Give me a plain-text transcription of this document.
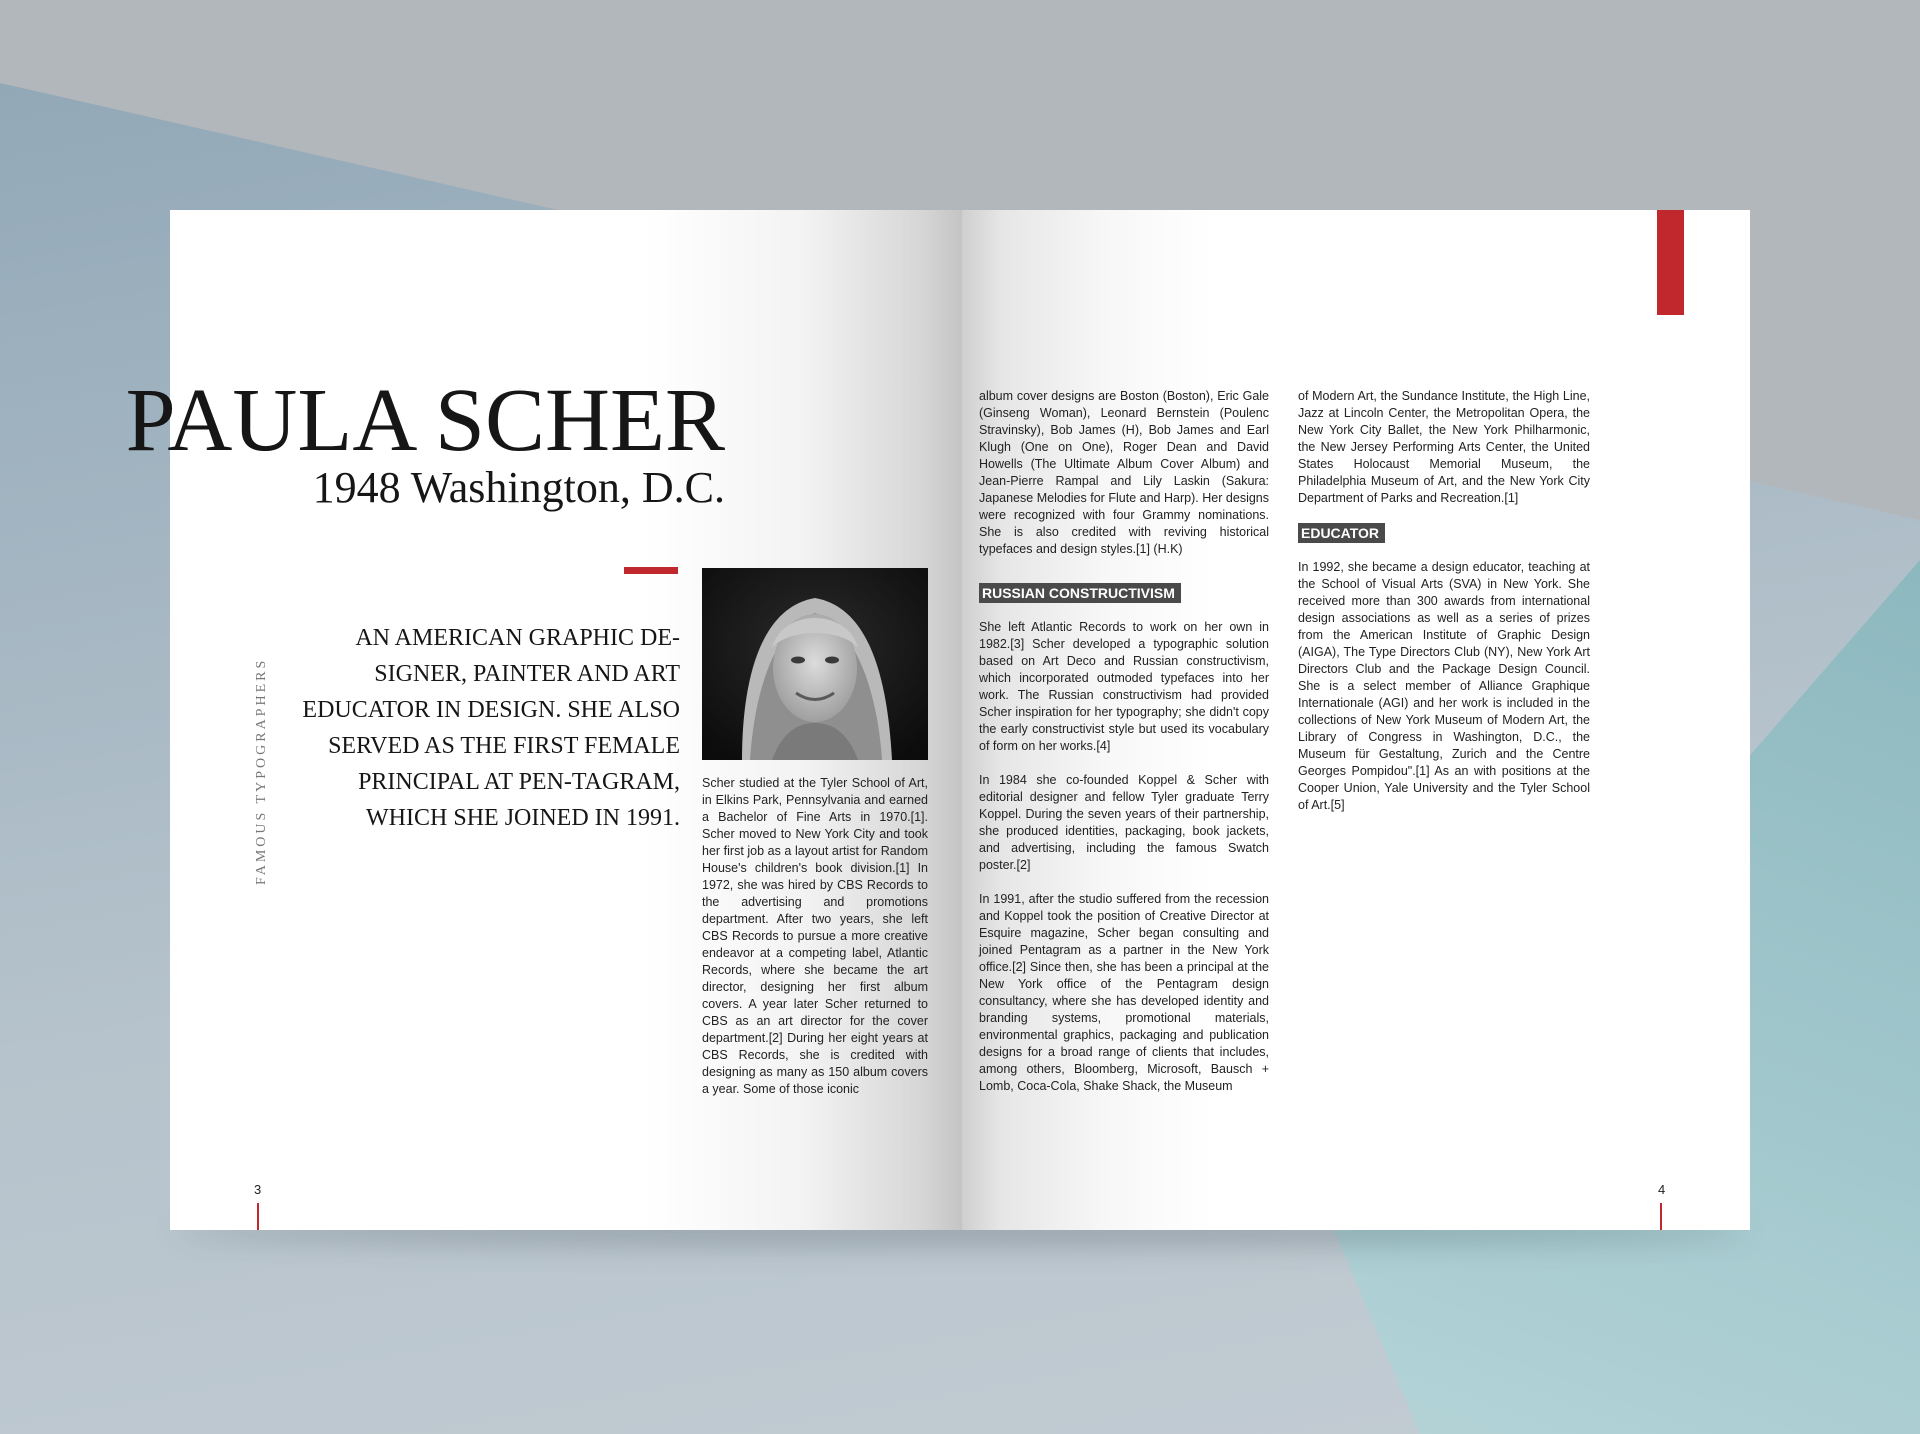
PAULA SCHER
1948 Washington, D.C.

AN AMERICAN GRAPHIC DE-SIGNER, PAINTER AND ART EDUCATOR IN DESIGN. SHE ALSO SERVED AS THE FIRST FEMALE PRINCIPAL AT PEN-TAGRAM, WHICH SHE JOINED IN 1991.

FAMOUS TYPOGRAPHERS	Scher studied at the Tyler School of Art, in Elkins Park, Pennsylvania and earned a Bachelor of Fine Arts in 1970.[1]. Scher moved to New York City and took her first job as a layout artist for Random House's children's book division.[1] In 1972, she was hired by CBS Records to the advertising and promotions department. After two years, she left CBS Records to pursue a more creative endeavor at a competing label, Atlantic Records, where she became the art director, designing her first album covers. A year later Scher returned to CBS as an art director for the cover department.[2] During her eight years at CBS Records, she is credited with designing as many as 150 album covers a year. Some of those iconic

3

album cover designs are Boston (Boston), Eric Gale (Ginseng Woman), Leonard Bernstein (Poulenc Stravinsky), Bob James (H), Bob James and Earl Klugh (One on One), Roger Dean and David Howells (The Ultimate Album Cover Album) and Jean-Pierre Rampal and Lily Laskin (Sakura: Japanese Melodies for Flute and Harp). Her designs were recognized with four Grammy nominations. She is also credited with reviving historical typefaces and design styles.[1] (H.K)

RUSSIAN CONSTRUCTIVISM

She left Atlantic Records to work on her own in 1982.[3] Scher developed a typographic solution based on Art Deco and Russian constructivism, which incorporated outmoded typefaces into her work. The Russian constructivism had provided Scher inspiration for her typography; she didn't copy the early constructivist style but used its vocabulary of form on her works.[4]

In 1984 she co-founded Koppel & Scher with editorial designer and fellow Tyler graduate Terry Koppel. During the seven years of their partnership, she produced identities, packaging, book jackets, and advertising, including the famous Swatch poster.[2]

In 1991, after the studio suffered from the recession and Koppel took the position of Creative Director at Esquire magazine, Scher began consulting and joined Pentagram as a partner in the New York office.[2] Since then, she has been a principal at the New York office of the Pentagram design consultancy, where she has developed identity and branding systems, promotional materials, environmental graphics, packaging and publication designs for a broad range of clients that includes, among others, Bloomberg, Microsoft, Bausch + Lomb, Coca-Cola, Shake Shack, the Museum

of Modern Art, the Sundance Institute, the High Line, Jazz at Lincoln Center, the Metropolitan Opera, the New York City Ballet, the New York Philharmonic, the New Jersey Performing Arts Center, the United States Holocaust Memorial Museum, the Philadelphia Museum of Art, and the New York City Department of Parks and Recreation.[1]

EDUCATOR

In 1992, she became a design educator, teaching at the School of Visual Arts (SVA) in New York. She received more than 300 awards from international design associations as well as a series of prizes from the American Institute of Graphic Design (AIGA), The Type Directors Club (NY), New York Art Directors Club and the Package Design Council. She is a select member of Alliance Graphique Internationale (AGI) and her work is included in the collections of New York Museum of Modern Art, the Library of Congress in Washington, D.C., the Museum für Gestaltung, Zurich and the Centre Georges Pompidou".[1] As an with positions at the Cooper Union, Yale University and the Tyler School of Art.[5]

4
